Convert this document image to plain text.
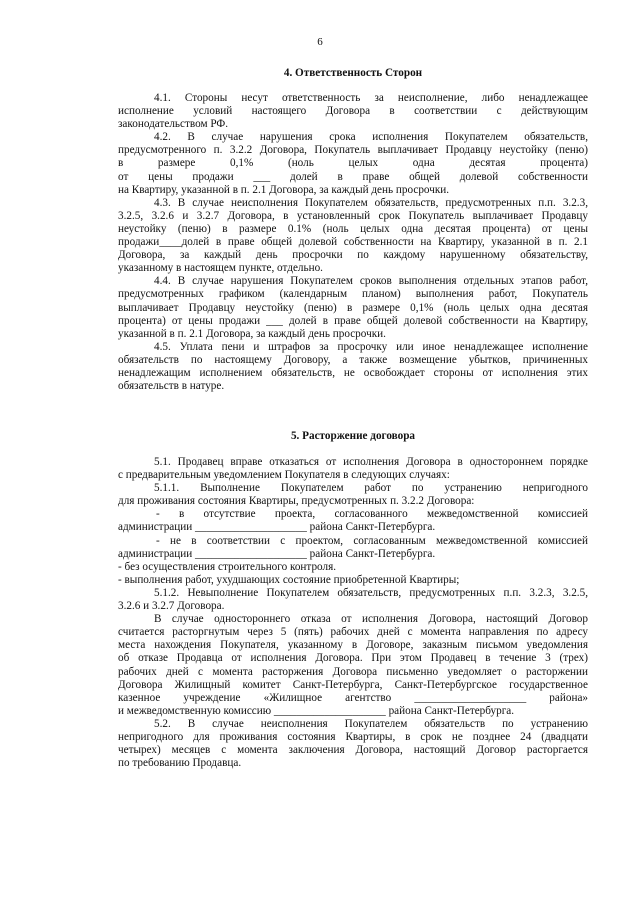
6
4. Ответственность Сторон
4.1. Стороны несут ответственность за неисполнение, либо ненадлежащее
исполнение условий настоящего Договора в соответствии с действующим
законодательством РФ.
4.2. В случае нарушения срока исполнения Покупателем обязательств,
предусмотренного п. 3.2.2 Договора, Покупатель выплачивает Продавцу неустойку (пеню)
в размере 0,1% (ноль целых одна десятая процента)
от цены продажи ___ долей в праве общей долевой собственности
на Квартиру, указанной в п. 2.1 Договора, за каждый день просрочки.
4.3. В случае неисполнения Покупателем обязательств, предусмотренных п.п. 3.2.3,
3.2.5, 3.2.6 и 3.2.7 Договора, в установленный срок Покупатель выплачивает Продавцу
неустойку (пеню) в размере 0.1% (ноль целых одна десятая процента) от цены
продажи____долей в праве общей долевой собственности на Квартиру, указанной в п. 2.1
Договора, за каждый день просрочки по каждому нарушенному обязательству,
указанному в настоящем пункте, отдельно.
4.4. В случае нарушения Покупателем сроков выполнения отдельных этапов работ,
предусмотренных графиком (календарным планом) выполнения работ, Покупатель
выплачивает Продавцу неустойку (пеню) в размере 0,1% (ноль целых одна десятая
процента) от цены продажи ___ долей в праве общей долевой собственности на Квартиру,
указанной в п. 2.1 Договора, за каждый день просрочки.
4.5. Уплата пени и штрафов за просрочку или иное ненадлежащее исполнение
обязательств по настоящему Договору, а также возмещение убытков, причиненных
ненадлежащим исполнением обязательств, не освобождает стороны от исполнения этих
обязательств в натуре.
5. Расторжение договора
5.1. Продавец вправе отказаться от исполнения Договора в одностороннем порядке
с предварительным уведомлением Покупателя в следующих случаях:
5.1.1. Выполнение Покупателем работ по устранению непригодного
для проживания состояния Квартиры, предусмотренных п. 3.2.2 Договора:
- в отсутствие проекта, согласованного межведомственной комиссией
администрации ____________________ района Санкт-Петербурга.
- не в соответствии с проектом, согласованным межведомственной комиссией
администрации ____________________ района Санкт-Петербурга.
- без осуществления строительного контроля.
- выполнения работ, ухудшающих состояние приобретенной Квартиры;
5.1.2. Невыполнение Покупателем обязательств, предусмотренных п.п. 3.2.3, 3.2.5,
3.2.6 и 3.2.7 Договора.
В случае одностороннего отказа от исполнения Договора, настоящий Договор
считается расторгнутым через 5 (пять) рабочих дней с момента направления по адресу
места нахождения Покупателя, указанному в Договоре, заказным письмом уведомления
об отказе Продавца от исполнения Договора. При этом Продавец в течение 3 (трех)
рабочих дней с момента расторжения Договора письменно уведомляет о расторжении
Договора Жилищный комитет Санкт-Петербурга, Санкт-Петербургское государственное
казенное учреждение «Жилищное агентство ____________________ района»
и межведомственную комиссию ____________________ района Санкт-Петербурга.
5.2. В случае неисполнения Покупателем обязательств по устранению
непригодного для проживания состояния Квартиры, в срок не позднее 24 (двадцати
четырех) месяцев с момента заключения Договора, настоящий Договор расторгается
по требованию Продавца.
